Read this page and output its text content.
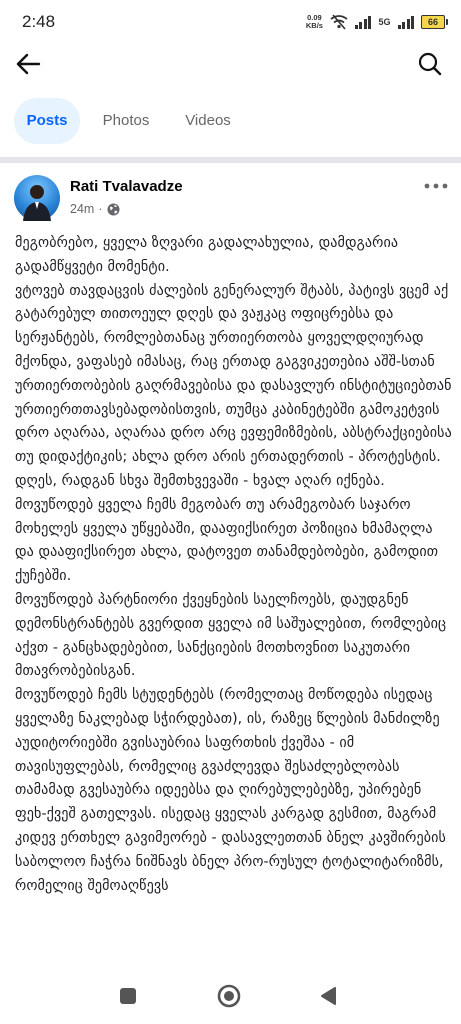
2:48	0.09
KB/s	5G	66
Posts	Photos	Videos
Rati Tvalavadze
24m ·

მეგობრებო, ყველა ზღვარი გადალახულია, დამდგარია გადამწყვეტი მომენტი.

ვტოვებ თავდაცვის ძალების გენერალურ შტაბს, პატივს ვცემ აქ გატარებულ თითოეულ დღეს და ვაჟკაც ოფიცრებსა და სერჟანტებს, რომლებთანაც ურთიერთობა ყოველდღიურად მქონდა, ვაფასებ იმასაც, რაც ერთად გაგვიკეთებია აშშ-სთან ურთიერთობების გაღრმავებისა და დასავლურ ინსტიტუციებთან ურთიერთთავსებადობისთვის, თუმცა კაბინეტებში გამოკეტვის დრო აღარაა, აღარაა დრო არც ევფემიზმების, აბსტრაქციებისა თუ დიდაქტიკის; ახლა დრო არის ერთადერთის - პროტესტის. დღეს, რადგან სხვა შემთხვევაში - ხვალ აღარ იქნება.

მოვუწოდებ ყველა ჩემს მეგობარ თუ არამეგობარ საჯარო მოხელეს ყველა უწყებაში, დააფიქსირეთ პოზიცია ხმამაღლა და დააფიქსირეთ ახლა, დატოვეთ თანამდებობები, გამოდით ქუჩებში.

მოვუწოდებ პარტნიორი ქვეყნების საელჩოებს, დაუდგნენ დემონსტრანტებს გვერდით ყველა იმ საშუალებით, რომლებიც აქვთ - განცხადებებით, სანქციების მოთხოვნით საკუთარი მთავრობებისგან.

მოვუწოდებ ჩემს სტუდენტებს (რომელთაც მოწოდება ისედაც ყველაზე ნაკლებად სჭირდებათ), ის, რაზეც წლების მანძილზე აუდიტორიებში გვისაუბრია საფრთხის ქვეშაა - იმ თავისუფლებას, რომელიც გვაძლევდა შესაძლებლობას თამამად გვესაუბრა იდეებსა და ღირებულებებზე, უპირებენ ფეხ-ქვეშ გათელვას. ისედაც ყველას კარგად გესმით, მაგრამ კიდევ ერთხელ გავიმეორებ - დასავლეთთან ბნელ კავშირების საბოლოო ჩაჭრა ნიშნავს ბნელ პრო-რუსულ ტოტალიტარიზმს, რომელიც შემოაღწევს
